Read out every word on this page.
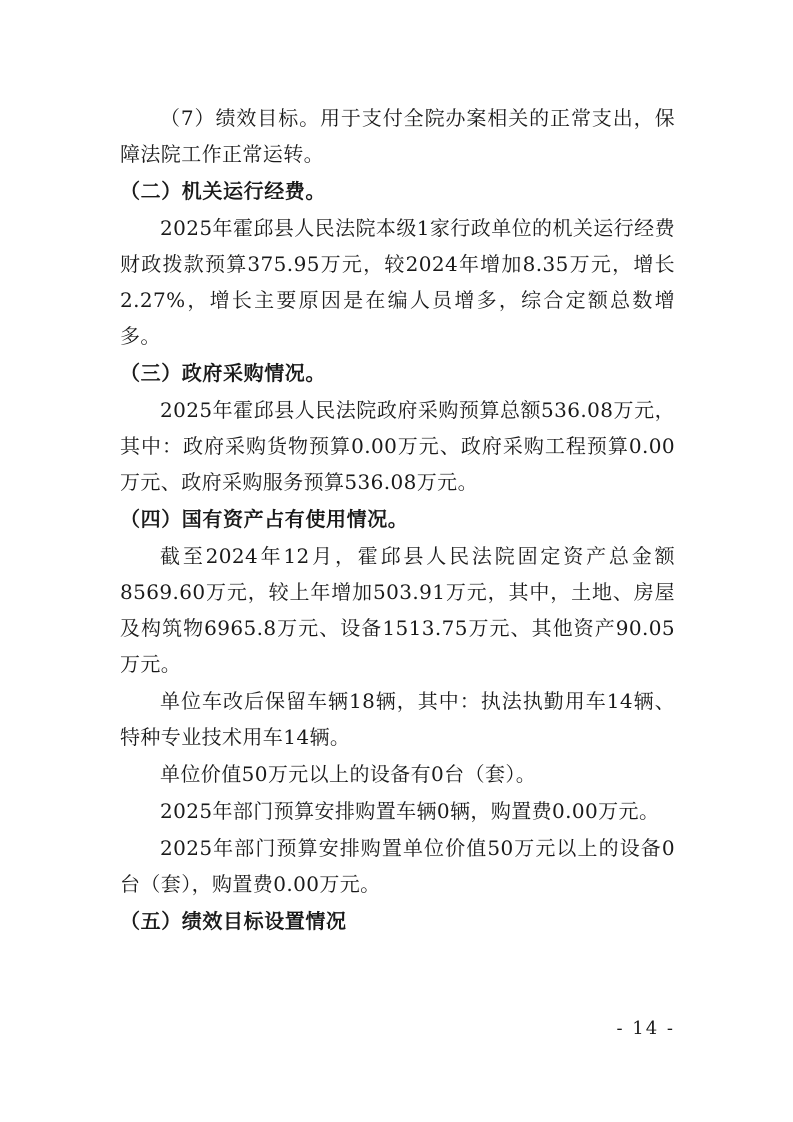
（7）绩效目标。用于支付全院办案相关的正常支出，保障法院工作正常运转。

（二）机关运行经费。

2025年霍邱县人民法院本级1家行政单位的机关运行经费财政拨款预算375.95万元，较2024年增加8.35万元，增长2.27%，增长主要原因是在编人员增多，综合定额总数增多。

（三）政府采购情况。

2025年霍邱县人民法院政府采购预算总额536.08万元，其中：政府采购货物预算0.00万元、政府采购工程预算0.00万元、政府采购服务预算536.08万元。

（四）国有资产占有使用情况。

截至2024年12月，霍邱县人民法院固定资产总金额8569.60万元，较上年增加503.91万元，其中，土地、房屋及构筑物6965.8万元、设备1513.75万元、其他资产90.05万元。

单位车改后保留车辆18辆，其中：执法执勤用车14辆、特种专业技术用车14辆。

单位价值50万元以上的设备有0台（套）。

2025年部门预算安排购置车辆0辆，购置费0.00万元。

2025年部门预算安排购置单位价值50万元以上的设备0台（套），购置费0.00万元。

（五）绩效目标设置情况
- 14 -
